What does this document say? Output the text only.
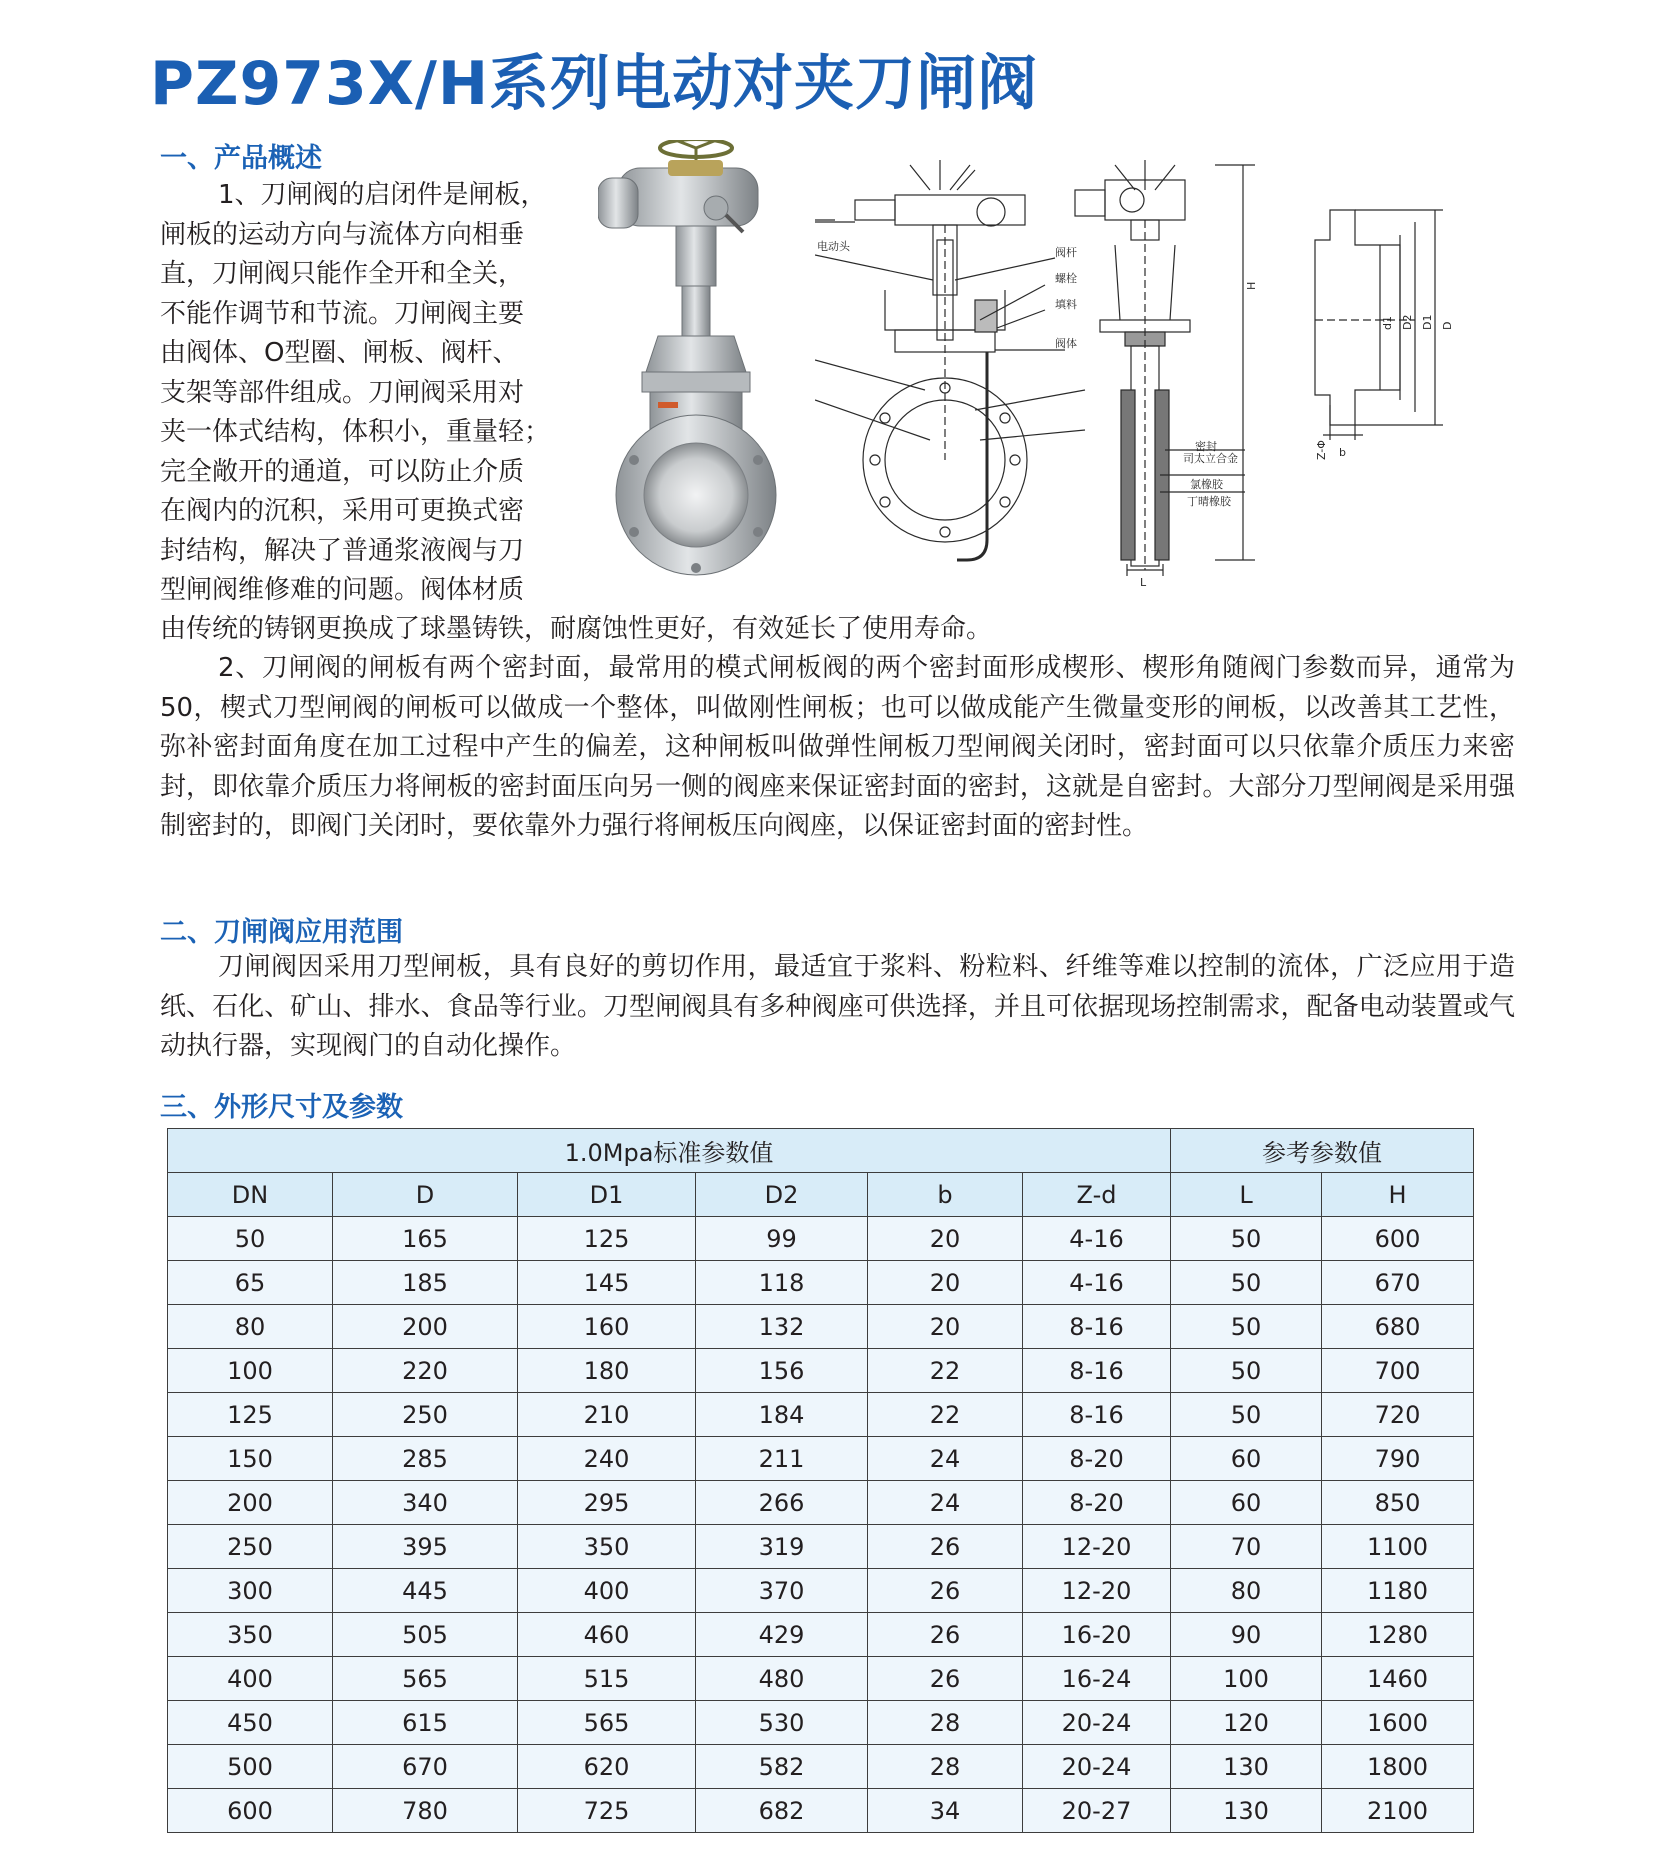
PZ973X/H系列电动对夹刀闸阀
一、产品概述
1、刀闸阀的启闭件是闸板，
闸板的运动方向与流体方向相垂
直，刀闸阀只能作全开和全关，
不能作调节和节流。刀闸阀主要
由阀体、O型圈、闸板、阀杆、
支架等部件组成。刀闸阀采用对
夹一体式结构，体积小，重量轻；
完全敞开的通道，可以防止介质
在阀内的沉积，采用可更换式密
封结构，解决了普通浆液阀与刀
型闸阀维修难的问题。阀体材质
由传统的铸钢更换成了球墨铸铁，耐腐蚀性更好，有效延长了使用寿命。
2、刀闸阀的闸板有两个密封面，最常用的模式闸板阀的两个密封面形成楔形、楔形角随阀门参数而异，通常为50，楔式刀型闸阀的闸板可以做成一个整体，叫做刚性闸板；也可以做成能产生微量变形的闸板，以改善其工艺性，弥补密封面角度在加工过程中产生的偏差，这种闸板叫做弹性闸板刀型闸阀关闭时，密封面可以只依靠介质压力来密封，即依靠介质压力将闸板的密封面压向另一侧的阀座来保证密封面的密封，这就是自密封。大部分刀型闸阀是采用强制密封的，即阀门关闭时，要依靠外力强行将闸板压向阀座，以保证密封面的密封性。
电动头	阀杆
螺栓
填料
阀体
密封
司太立合金
氯橡胶
丁晴橡胶
L
H
d1 D2 D1 D
Z-Φ b
二、刀闸阀应用范围
刀闸阀因采用刀型闸板，具有良好的剪切作用，最适宜于浆料、粉粒料、纤维等难以控制的流体，广泛应用于造纸、石化、矿山、排水、食品等行业。刀型闸阀具有多种阀座可供选择，并且可依据现场控制需求，配备电动装置或气动执行器，实现阀门的自动化操作。
三、外形尺寸及参数
1.0Mpa标准参数值						参考参数值	
DN	D	D1	D2	b	Z-d	L	H
50	165	125	99	20	4-16	50	600
65	185	145	118	20	4-16	50	670
80	200	160	132	20	8-16	50	680
100	220	180	156	22	8-16	50	700
125	250	210	184	22	8-16	50	720
150	285	240	211	24	8-20	60	790
200	340	295	266	24	8-20	60	850
250	395	350	319	26	12-20	70	1100
300	445	400	370	26	12-20	80	1180
350	505	460	429	26	16-20	90	1280
400	565	515	480	26	16-24	100	1460
450	615	565	530	28	20-24	120	1600
500	670	620	582	28	20-24	130	1800
600	780	725	682	34	20-27	130	2100
